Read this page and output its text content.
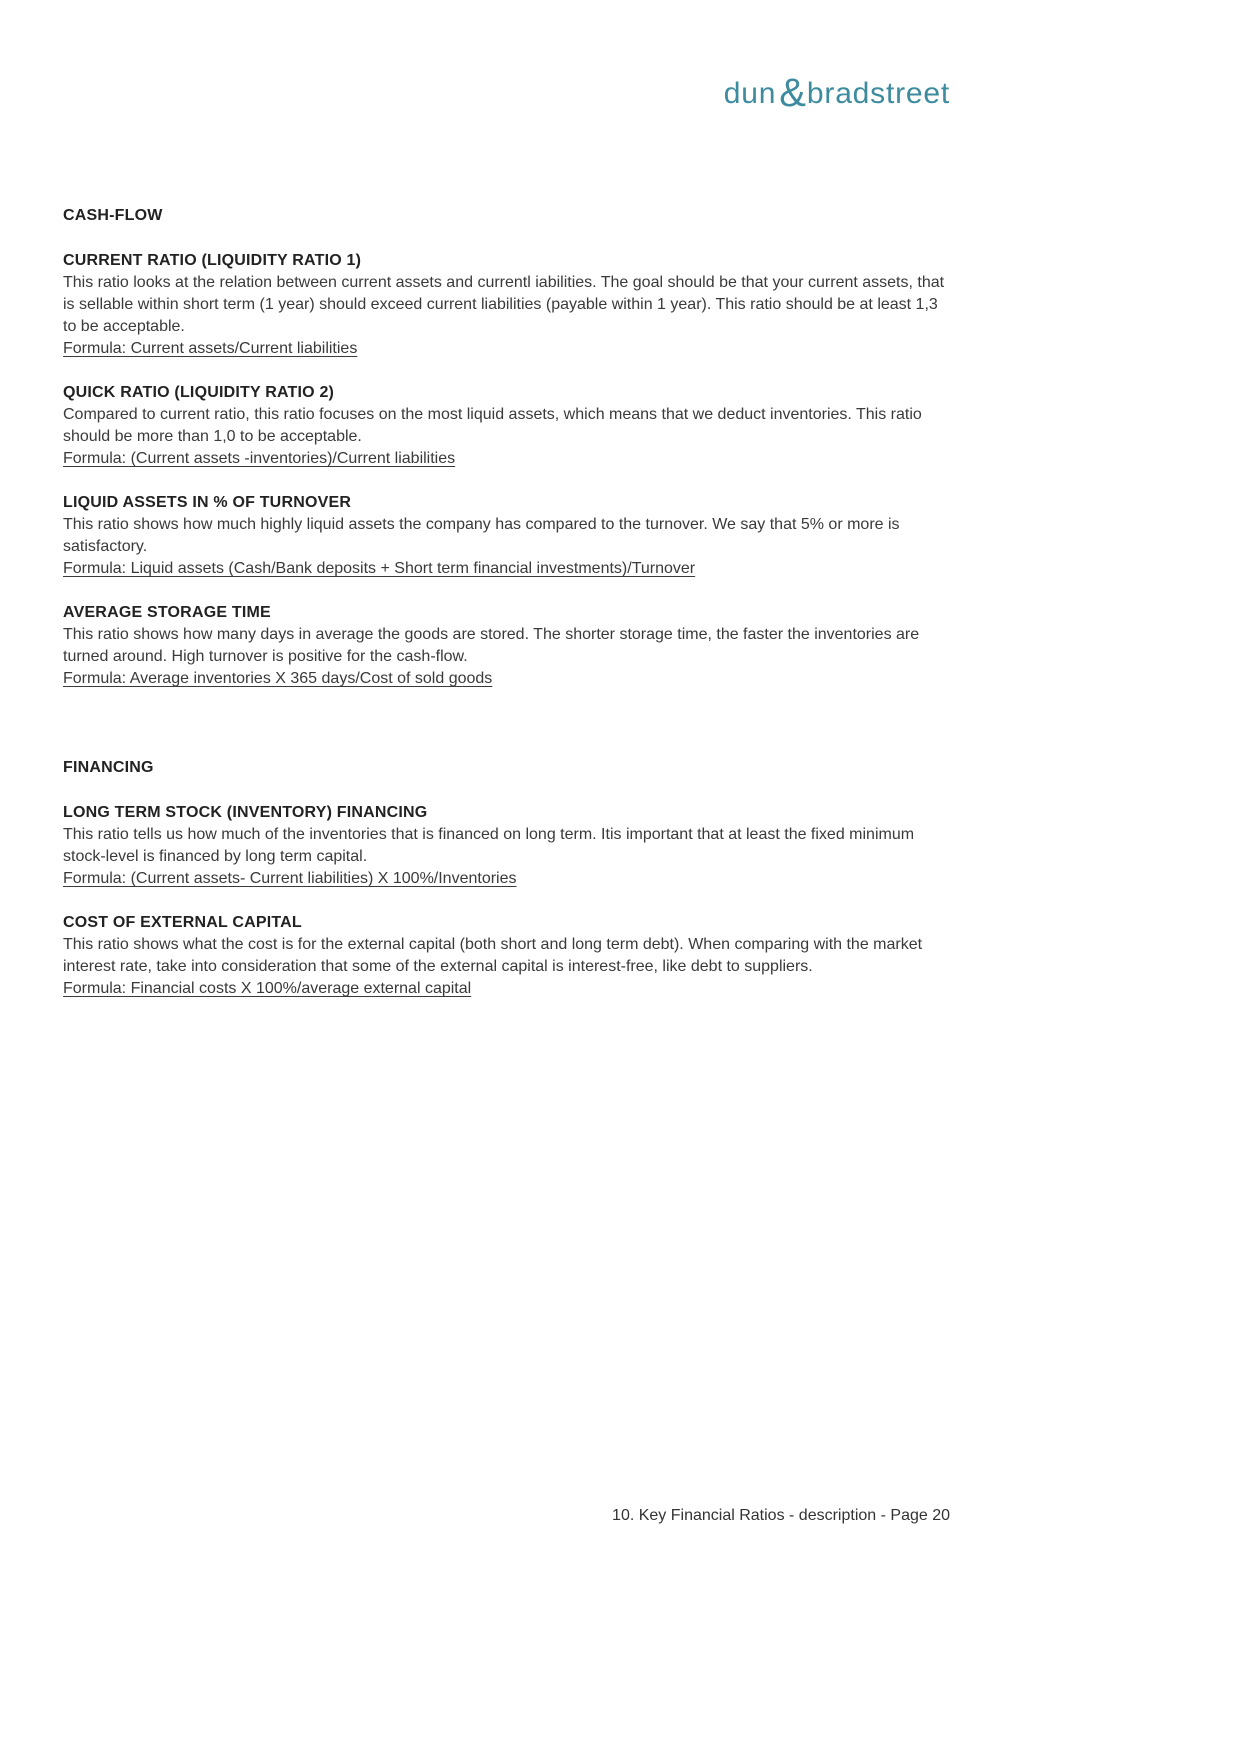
dun&bradstreet
CASH-FLOW
CURRENT RATIO (LIQUIDITY RATIO 1)

This ratio looks at the relation between current assets and currentl iabilities. The goal should be that your current assets, that is sellable within short term (1 year) should exceed current liabilities (payable within 1 year). This ratio should be at least 1,3 to be acceptable.

Formula: Current assets/Current liabilities

QUICK RATIO (LIQUIDITY RATIO 2)

Compared to current ratio, this ratio focuses on the most liquid assets, which means that we deduct inventories. This ratio should be more than 1,0 to be acceptable.

Formula: (Current assets -inventories)/Current liabilities

LIQUID ASSETS IN % OF TURNOVER

This ratio shows how much highly liquid assets the company has compared to the turnover. We say that 5% or more is satisfactory.

Formula: Liquid assets (Cash/Bank deposits + Short term financial investments)/Turnover

AVERAGE STORAGE TIME

This ratio shows how many days in average the goods are stored. The shorter storage time, the faster the inventories are turned around. High turnover is positive for the cash-flow.

Formula: Average inventories X 365 days/Cost of sold goods

FINANCING
LONG TERM STOCK (INVENTORY) FINANCING

This ratio tells us how much of the inventories that is financed on long term. Itis important that at least the fixed minimum stock-level is financed by long term capital.

Formula: (Current assets- Current liabilities) X 100%/Inventories

COST OF EXTERNAL CAPITAL

This ratio shows what the cost is for the external capital (both short and long term debt). When comparing with the market interest rate, take into consideration that some of the external capital is interest-free, like debt to suppliers.

Formula: Financial costs X 100%/average external capital

10. Key Financial Ratios - description - Page 20
